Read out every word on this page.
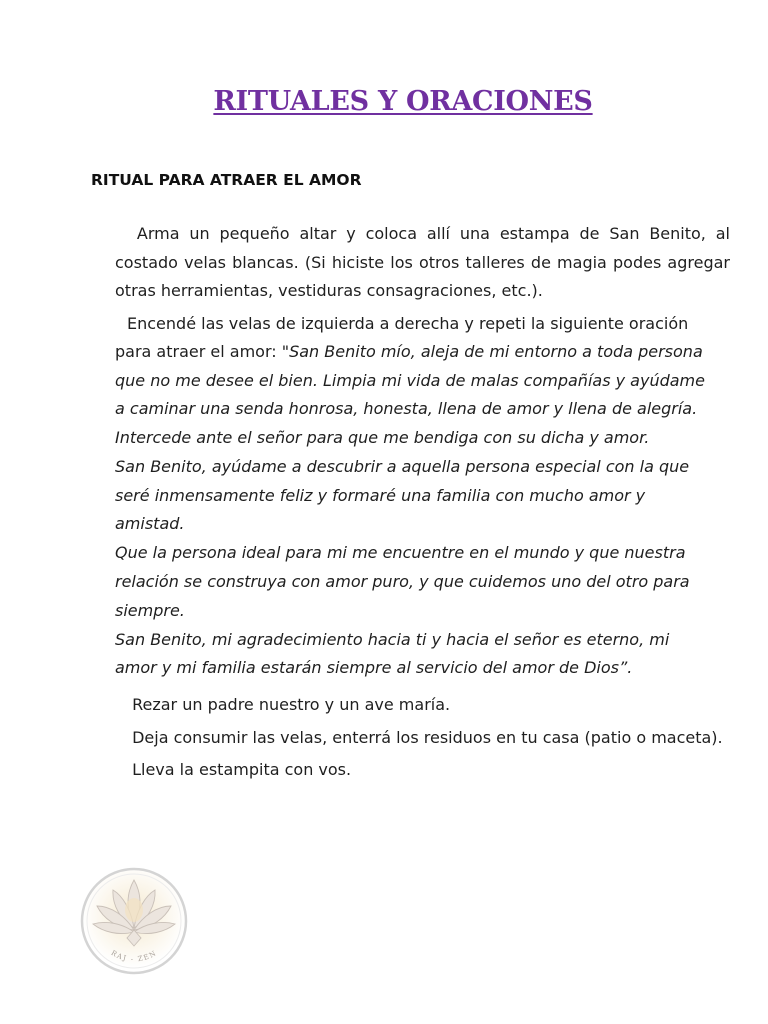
RITUALES Y ORACIONES
RITUAL PARA ATRAER EL AMOR

Arma un pequeño altar y coloca allí una estampa de San Benito, al costado velas blancas. (Si hiciste los otros talleres de magia podes agregar otras herramientas, vestiduras consagraciones, etc.).

Encendé las velas de izquierda a derecha y repeti la siguiente oración
para atraer el amor: "San Benito mío, aleja de mi entorno a toda persona

que no me desee el bien. Limpia mi vida de malas compañías y ayúdame
a caminar una senda honrosa, honesta, llena de amor y llena de alegría.
Intercede ante el señor para que me bendiga con su dicha y amor.
San Benito, ayúdame a descubrir a aquella persona especial con la que
seré inmensamente feliz y formaré una familia con mucho amor y
amistad.
Que la persona ideal para mi me encuentre en el mundo y que nuestra
relación se construya con amor puro, y que cuidemos uno del otro para
siempre.
San Benito, mi agradecimiento hacia ti y hacia el señor es eterno, mi
amor y mi familia estarán siempre al servicio del amor de Dios”.

Rezar un padre nuestro y un ave maría.

Deja consumir las velas, enterrá los residuos en tu casa (patio o maceta).

Lleva la estampita con vos.

RAJ - ZEN
